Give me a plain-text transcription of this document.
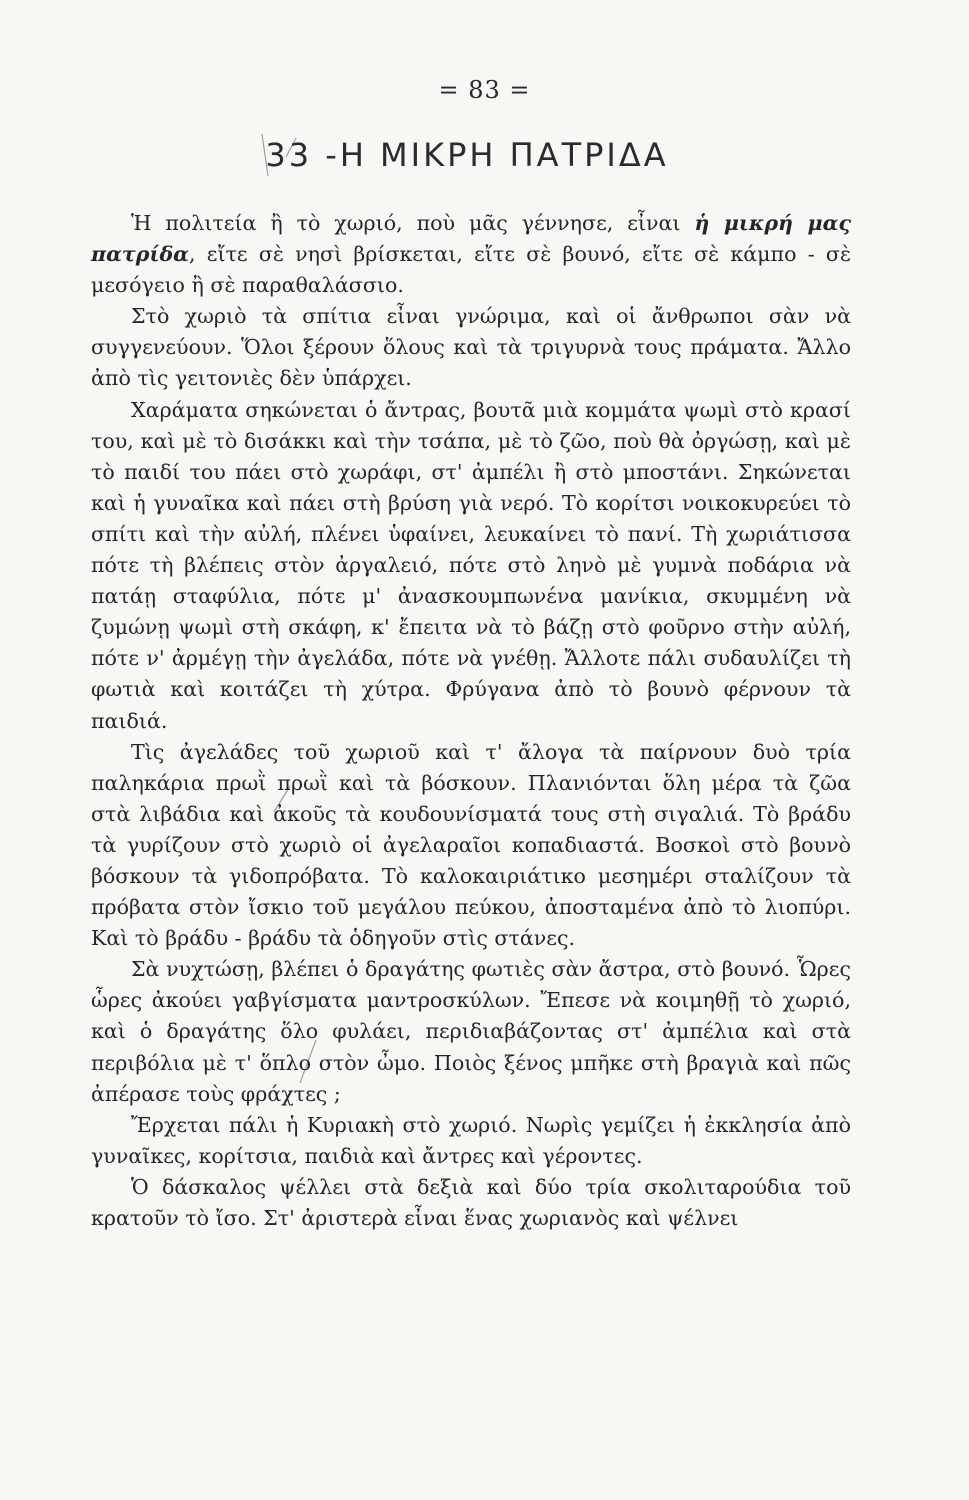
= 83 =
33 -Η ΜΙΚΡΗ ΠΑΤΡΙΔΑ

Ἡ πολιτεία ἢ τὸ χωριό, ποὺ μᾶς γέννησε, εἶναι ἡ μικρή μας πατρίδα, εἴτε σὲ νησὶ βρίσκεται, εἴτε σὲ βουνό, εἴτε σὲ κάμπο - σὲ μεσόγειο ἢ σὲ παραθαλάσσιο.

Στὸ χωριὸ τὰ σπίτια εἶναι γνώριμα, καὶ οἱ ἄνθρωποι σὰν νὰ συγγενεύουν. Ὅλοι ξέρουν ὅλους καὶ τὰ τριγυρνὰ τους πράματα. Ἄλλο ἀπὸ τὶς γειτονιὲς δὲν ὑπάρχει.

Χαράματα σηκώνεται ὁ ἄντρας, βουτᾶ μιὰ κομμάτα ψωμὶ στὸ κρασί του, καὶ μὲ τὸ δισάκκι καὶ τὴν τσάπα, μὲ τὸ ζῶο, ποὺ θὰ ὀργώσῃ, καὶ μὲ τὸ παιδί του πάει στὸ χωράφι, στ' ἀμπέλι ἢ στὸ μποστάνι. Σηκώνεται καὶ ἡ γυναῖκα καὶ πάει στὴ βρύση γιὰ νερό. Τὸ κορίτσι νοικοκυρεύει τὸ σπίτι καὶ τὴν αὐλή, πλένει ὑφαίνει, λευκαίνει τὸ πανί. Τὴ χωριάτισσα πότε τὴ βλέπεις στὸν ἀργαλειό, πότε στὸ ληνὸ μὲ γυμνὰ ποδάρια νὰ πατάῃ σταφύλια, πότε μ' ἀνασκουμπωνένα μανίκια, σκυμμένη νὰ ζυμώνῃ ψωμὶ στὴ σκάφη, κ' ἔπειτα νὰ τὸ βάζῃ στὸ φοῦρνο στὴν αὐλή, πότε ν' ἀρμέγῃ τὴν ἀγελάδα, πότε νὰ γνέθῃ. Ἄλλοτε πάλι συδαυλίζει τὴ φωτιὰ καὶ κοιτάζει τὴ χύτρα. Φρύγανα ἀπὸ τὸ βουνὸ φέρνουν τὰ παιδιά.

Τὶς ἀγελάδες τοῦ χωριοῦ καὶ τ' ἄλογα τὰ παίρνουν δυὸ τρία παληκάρια πρωῒ πρωῒ καὶ τὰ βόσκουν. Πλανιόνται ὅλη μέρα τὰ ζῶα στὰ λιβάδια καὶ ἀκοῦς τὰ κουδουνίσματά τους στὴ σιγαλιά. Τὸ βράδυ τὰ γυρίζουν στὸ χωριὸ οἱ ἀγελαραῖοι κοπαδιαστά. Βοσκοὶ στὸ βουνὸ βόσκουν τὰ γιδοπρόβατα. Τὸ καλοκαιριάτικο μεσημέρι σταλίζουν τὰ πρόβατα στὸν ἴσκιο τοῦ μεγάλου πεύκου, ἀποσταμένα ἀπὸ τὸ λιοπύρι. Καὶ τὸ βράδυ - βράδυ τὰ ὁδηγοῦν στὶς στάνες.

Σὰ νυχτώσῃ, βλέπει ὁ δραγάτης φωτιὲς σὰν ἄστρα, στὸ βουνό. Ὧρες ὧρες ἀκούει γαβγίσματα μαντροσκύλων. Ἔπεσε νὰ κοιμηθῇ τὸ χωριό, καὶ ὁ δραγάτης ὅλο φυλάει, περιδιαβάζοντας στ' ἀμπέλια καὶ στὰ περιβόλια μὲ τ' ὅπλο στὸν ὦμο. Ποιὸς ξένος μπῆκε στὴ βραγιὰ καὶ πῶς ἀπέρασε τοὺς φράχτες ;

Ἔρχεται πάλι ἡ Κυριακὴ στὸ χωριό. Νωρὶς γεμίζει ἡ ἐκκλησία ἀπὸ γυναῖκες, κορίτσια, παιδιὰ καὶ ἄντρες καὶ γέροντες.

Ὁ δάσκαλος ψέλλει στὰ δεξιὰ καὶ δύο τρία σκολιταρούδια τοῦ κρατοῦν τὸ ἴσο. Στ' ἀριστερὰ εἶναι ἕνας χωριανὸς καὶ ψέλνει
